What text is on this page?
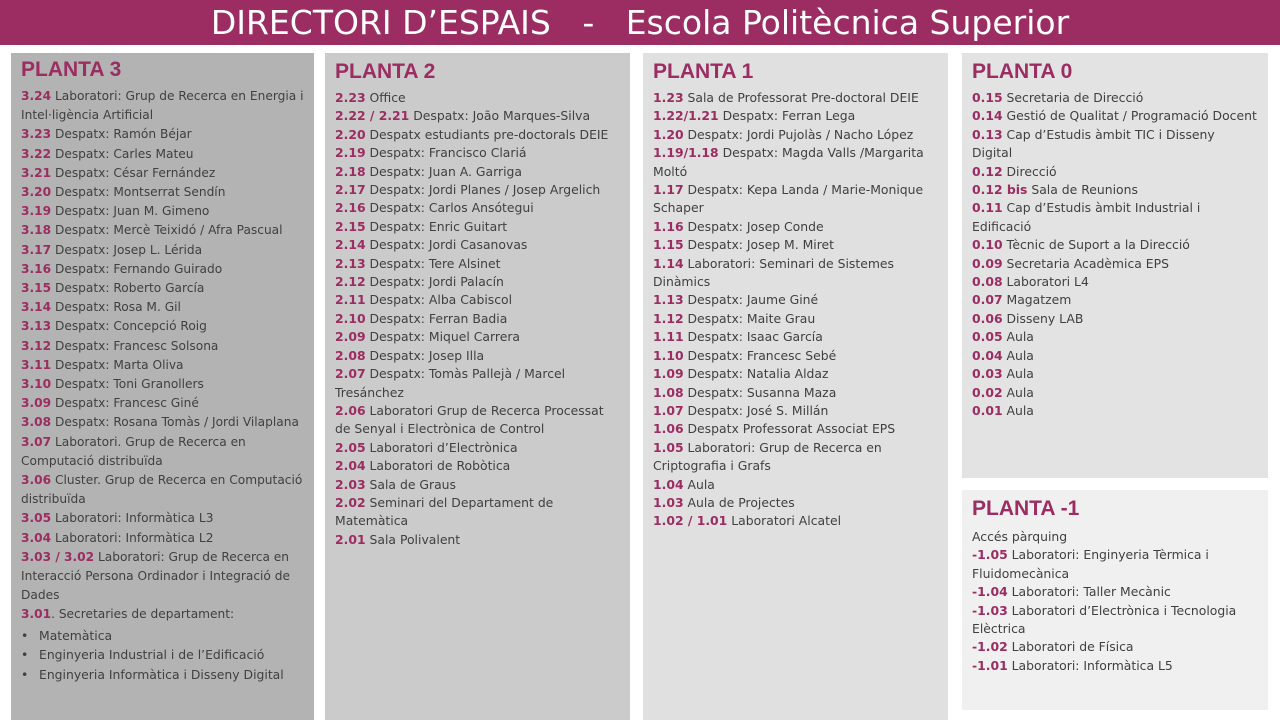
DIRECTORI D’ESPAIS   -   Escola Politècnica Superior
PLANTA 3
3.24 Laboratori: Grup de Recerca en Energia i Intel·ligència Artificial
3.23 Despatx: Ramón Béjar
3.22 Despatx: Carles Mateu
3.21 Despatx: César Fernández
3.20 Despatx: Montserrat Sendín
3.19 Despatx: Juan M. Gimeno
3.18 Despatx: Mercè Teixidó / Afra Pascual
3.17 Despatx: Josep L. Lérida
3.16 Despatx: Fernando Guirado
3.15 Despatx: Roberto García
3.14 Despatx: Rosa M. Gil
3.13 Despatx: Concepció Roig
3.12 Despatx: Francesc Solsona
3.11 Despatx: Marta Oliva
3.10 Despatx: Toni Granollers
3.09 Despatx: Francesc Giné
3.08 Despatx: Rosana Tomàs / Jordi Vilaplana
3.07 Laboratori. Grup de Recerca en Computació distribuïda
3.06 Cluster. Grup de Recerca en Computació distribuïda
3.05 Laboratori: Informàtica L3
3.04 Laboratori: Informàtica L2
3.03 / 3.02 Laboratori: Grup de Recerca en Interacció Persona Ordinador i Integració de Dades
3.01. Secretaries de departament:
• Matemàtica
• Enginyeria Industrial i de l’Edificació
• Enginyeria Informàtica i Disseny Digital
PLANTA 2
2.23 Office
2.22 / 2.21 Despatx: João Marques-Silva
2.20 Despatx estudiants pre-doctorals DEIE
2.19 Despatx: Francisco Clariá
2.18 Despatx: Juan A. Garriga
2.17 Despatx: Jordi Planes / Josep Argelich
2.16 Despatx: Carlos Ansótegui
2.15 Despatx: Enric Guitart
2.14 Despatx: Jordi Casanovas
2.13 Despatx: Tere Alsinet
2.12 Despatx: Jordi Palacín
2.11 Despatx: Alba Cabiscol
2.10 Despatx: Ferran Badia
2.09 Despatx: Miquel Carrera
2.08 Despatx: Josep Illa
2.07 Despatx: Tomàs Pallejà / Marcel Tresánchez
2.06 Laboratori Grup de Recerca Processat de Senyal i Electrònica de Control
2.05 Laboratori d’Electrònica
2.04 Laboratori de Robòtica
2.03 Sala de Graus
2.02 Seminari del Departament de Matemàtica
2.01 Sala Polivalent
PLANTA 1
1.23 Sala de Professorat Pre-doctoral DEIE
1.22/1.21 Despatx: Ferran Lega
1.20 Despatx: Jordi Pujolàs / Nacho López
1.19/1.18 Despatx: Magda Valls /Margarita Moltó
1.17 Despatx: Kepa Landa / Marie-Monique Schaper
1.16 Despatx: Josep Conde
1.15 Despatx: Josep M. Miret
1.14 Laboratori: Seminari de Sistemes Dinàmics
1.13 Despatx: Jaume Giné
1.12 Despatx: Maite Grau
1.11 Despatx: Isaac García
1.10 Despatx: Francesc Sebé
1.09 Despatx: Natalia Aldaz
1.08 Despatx: Susanna Maza
1.07 Despatx: José S. Millán
1.06 Despatx Professorat Associat EPS
1.05 Laboratori: Grup de Recerca en Criptografia i Grafs
1.04 Aula
1.03 Aula de Projectes
1.02 / 1.01 Laboratori Alcatel
PLANTA 0
0.15 Secretaria de Direcció
0.14 Gestió de Qualitat / Programació Docent
0.13 Cap d’Estudis àmbit TIC i Disseny Digital
0.12 Direcció
0.12 bis Sala de Reunions
0.11 Cap d’Estudis àmbit Industrial i Edificació
0.10 Tècnic de Suport a la Direcció
0.09 Secretaria Acadèmica EPS
0.08 Laboratori L4
0.07 Magatzem
0.06 Disseny LAB
0.05 Aula
0.04 Aula
0.03 Aula
0.02 Aula
0.01 Aula
PLANTA -1
Accés pàrquing
-1.05 Laboratori: Enginyeria Tèrmica i Fluidomecànica
-1.04 Laboratori: Taller Mecànic
-1.03 Laboratori d’Electrònica i Tecnologia Elèctrica
-1.02 Laboratori de Física
-1.01 Laboratori: Informàtica L5
